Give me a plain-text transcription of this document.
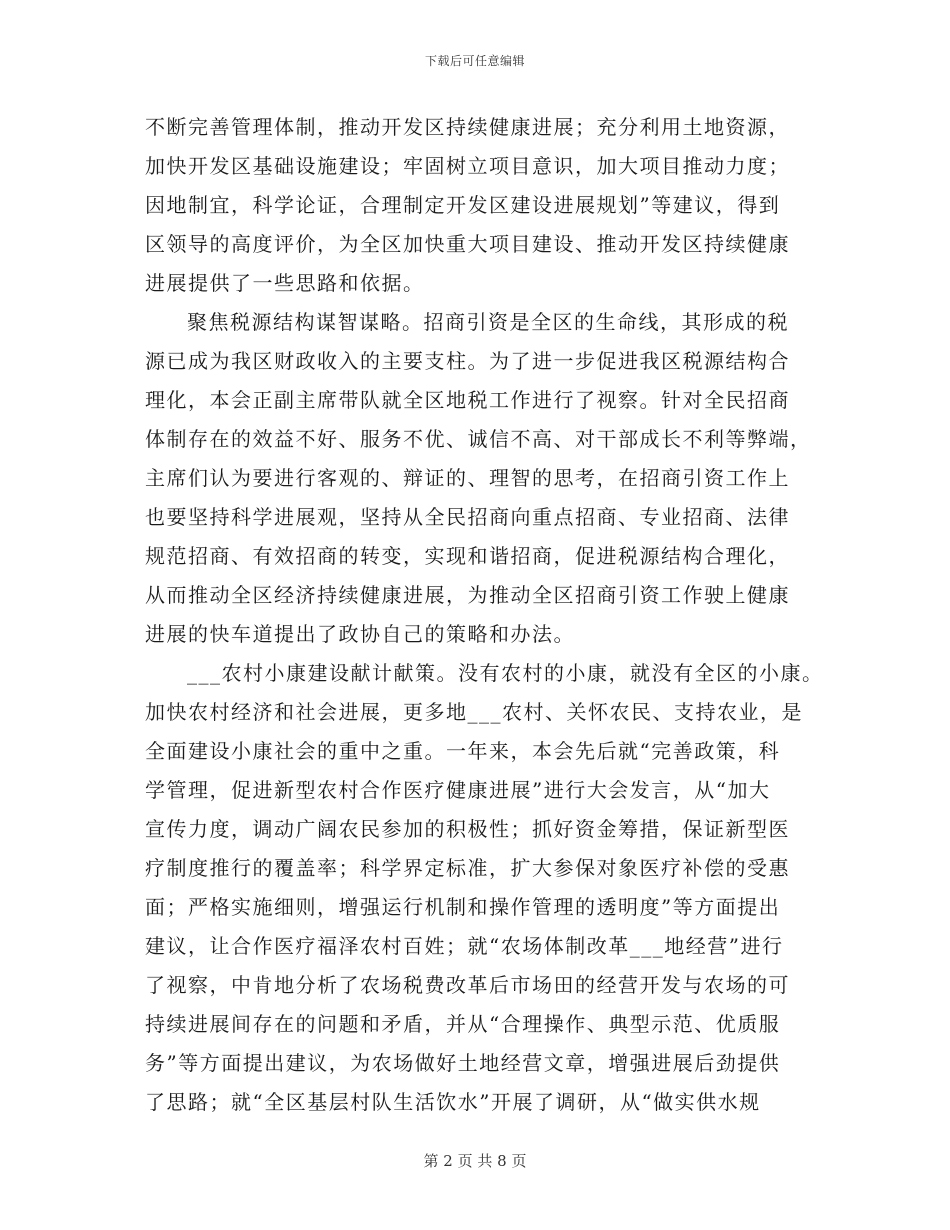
下载后可任意编辑
不断完善管理体制，推动开发区持续健康进展；充分利用土地资源，
加快开发区基础设施建设；牢固树立项目意识，加大项目推动力度；
因地制宜，科学论证，合理制定开发区建设进展规划”等建议，得到
区领导的高度评价，为全区加快重大项目建设、推动开发区持续健康
进展提供了一些思路和依据。
聚焦税源结构谋智谋略。招商引资是全区的生命线，其形成的税
源已成为我区财政收入的主要支柱。为了进一步促进我区税源结构合
理化，本会正副主席带队就全区地税工作进行了视察。针对全民招商
体制存在的效益不好、服务不优、诚信不高、对干部成长不利等弊端，
主席们认为要进行客观的、辩证的、理智的思考，在招商引资工作上
也要坚持科学进展观，坚持从全民招商向重点招商、专业招商、法律
规范招商、有效招商的转变，实现和谐招商，促进税源结构合理化，
从而推动全区经济持续健康进展，为推动全区招商引资工作驶上健康
进展的快车道提出了政协自己的策略和办法。
___农村小康建设献计献策。没有农村的小康，就没有全区的小康。
加快农村经济和社会进展，更多地___农村、关怀农民、支持农业，是
全面建设小康社会的重中之重。一年来，本会先后就“完善政策，科
学管理，促进新型农村合作医疗健康进展”进行大会发言，从“加大
宣传力度，调动广阔农民参加的积极性；抓好资金筹措，保证新型医
疗制度推行的覆盖率；科学界定标准，扩大参保对象医疗补偿的受惠
面；严格实施细则，增强运行机制和操作管理的透明度”等方面提出
建议，让合作医疗福泽农村百姓；就“农场体制改革___地经营”进行
了视察，中肯地分析了农场税费改革后市场田的经营开发与农场的可
持续进展间存在的问题和矛盾，并从“合理操作、典型示范、优质服
务”等方面提出建议，为农场做好土地经营文章，增强进展后劲提供
了思路；就“全区基层村队生活饮水”开展了调研，从“做实供水规
第 2 页 共 8 页
